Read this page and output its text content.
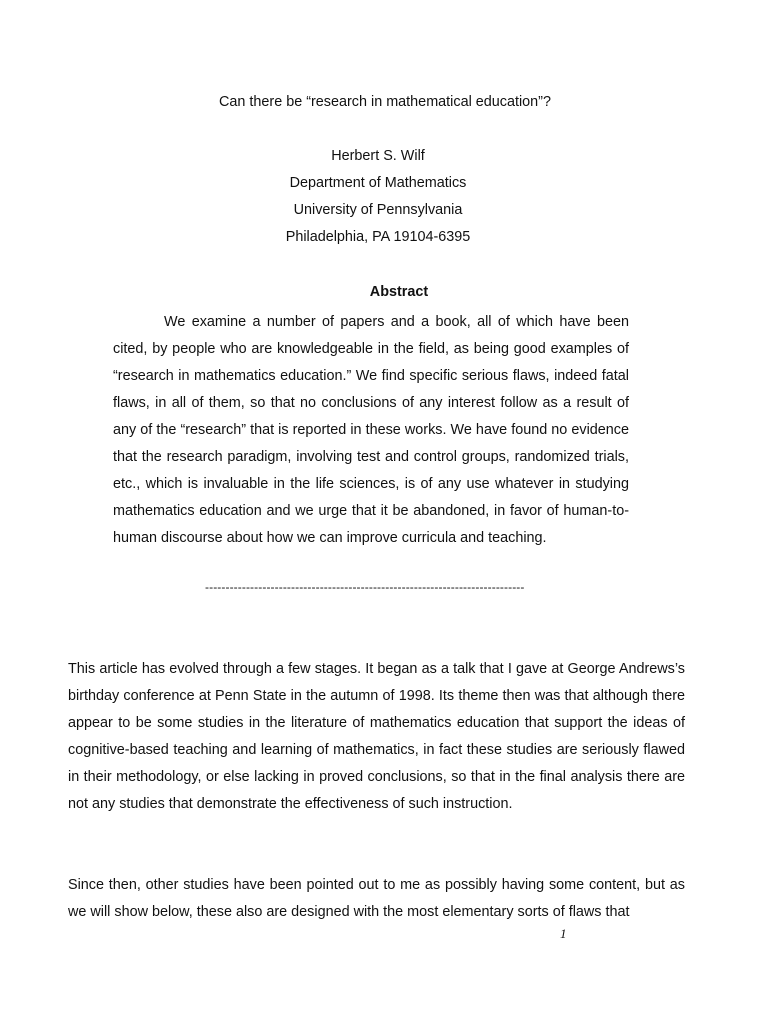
Can there be “research in mathematical education”?
Herbert S. Wilf
Department of Mathematics
University of Pennsylvania
Philadelphia, PA 19104-6395
Abstract

We examine a number of papers and a book, all of which have been cited, by people who are knowledgeable in the field, as being good examples of “research in mathematics education.” We find specific serious flaws, indeed fatal flaws, in all of them, so that no conclusions of any interest follow as a result of any of the “research” that is reported in these works. We have found no evidence that the research paradigm, involving test and control groups, randomized trials, etc., which is invaluable in the life sciences, is of any use whatever in studying mathematics education and we urge that it be abandoned, in favor of human-to-human discourse about how we can improve curricula and teaching.

------------------------------------------------------------------------------

This article has evolved through a few stages. It began as a talk that I gave at George Andrews’s birthday conference at Penn State in the autumn of 1998. Its theme then was that although there appear to be some studies in the literature of mathematics education that support the ideas of cognitive-based teaching and learning of mathematics, in fact these studies are seriously flawed in their methodology, or else lacking in proved conclusions, so that in the final analysis there are not any studies that demonstrate the effectiveness of such instruction.

Since then, other studies have been pointed out to me as possibly having some content, but as we will show below, these also are designed with the most elementary sorts of flaws that

1
